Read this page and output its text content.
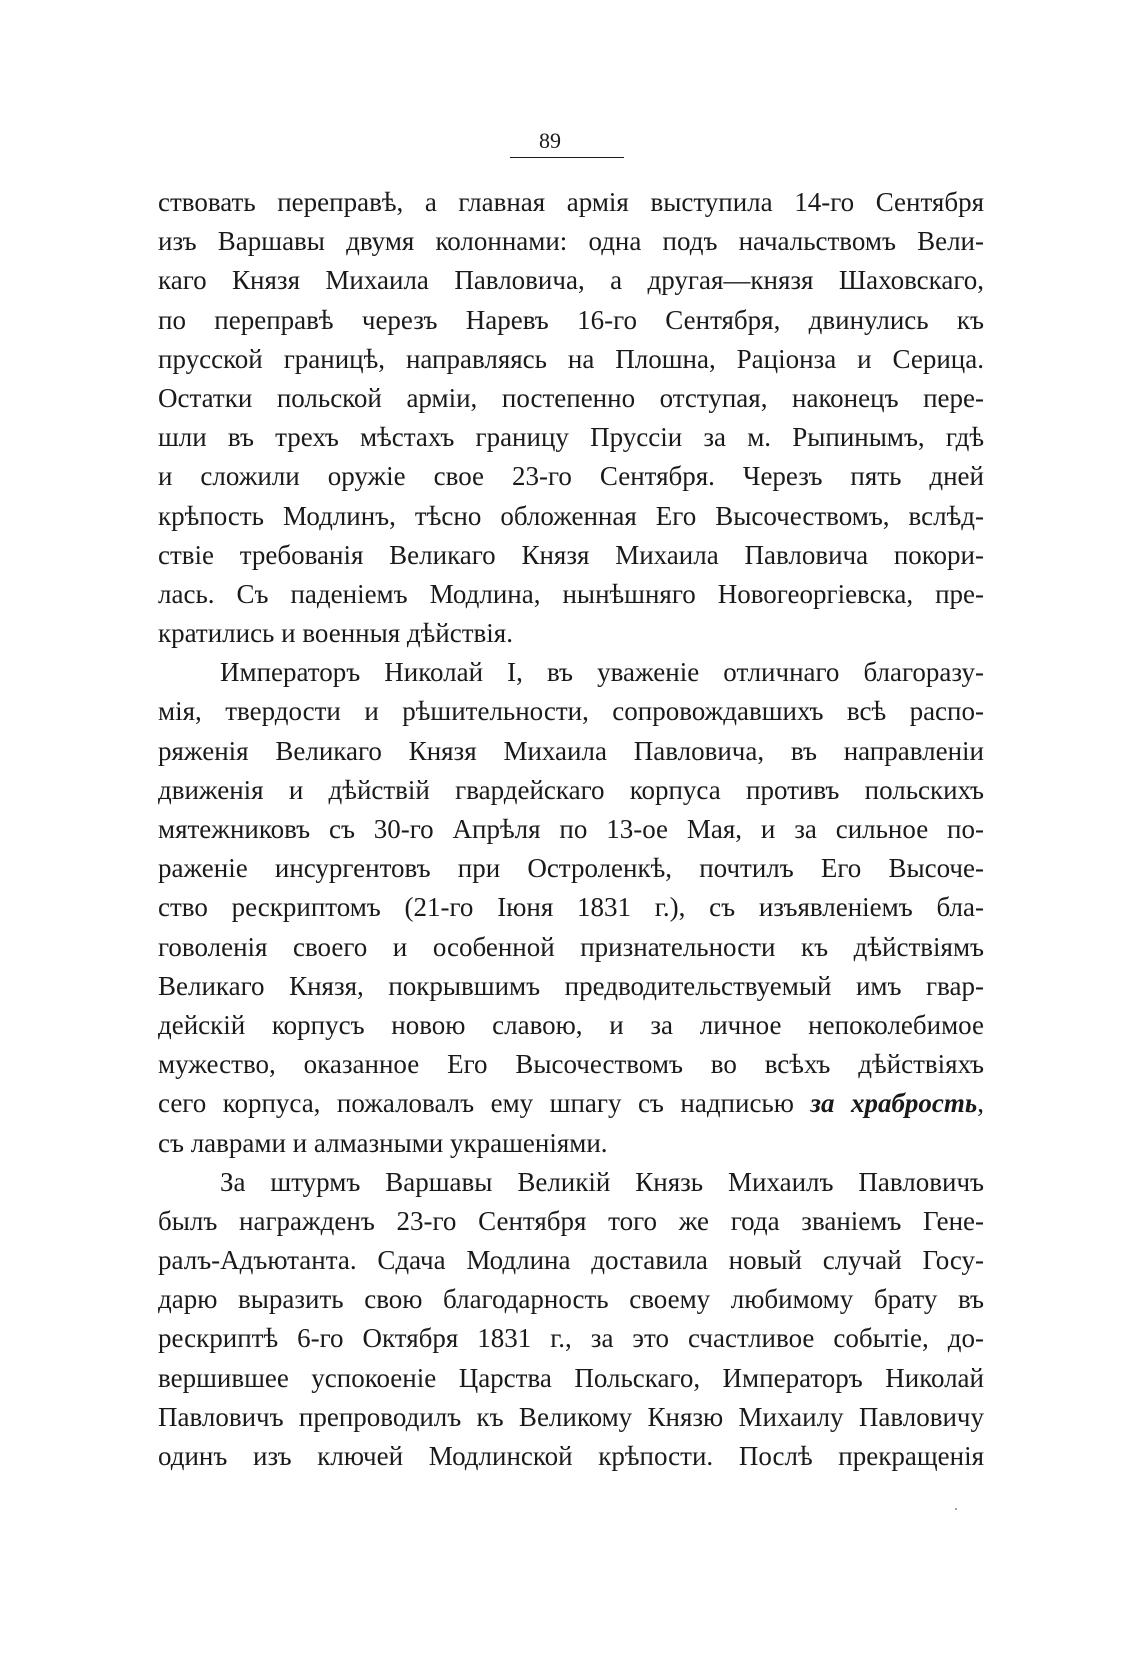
89
ствовать переправѣ, а главная армія выступила 14-го Сентября
изъ Варшавы двумя колоннами: одна подъ начальствомъ Вели-
каго Князя Михаила Павловича, а другая—князя Шаховскаго,
по переправѣ черезъ Наревъ 16-го Сентября, двинулись къ
прусской границѣ, направляясь на Плошна, Раціонза и Серица.
Остатки польской арміи, постепенно отступая, наконецъ пере-
шли въ трехъ мѣстахъ границу Пруссіи за м. Рыпинымъ, гдѣ
и сложили оружіе свое 23-го Сентября. Черезъ пять дней
крѣпость Модлинъ, тѣсно обложенная Его Высочествомъ, вслѣд-
ствіе требованія Великаго Князя Михаила Павловича покори-
лась. Съ паденіемъ Модлина, нынѣшняго Новогеоргіевска, пре-
кратились и военныя дѣйствія.
Императоръ Николай I, въ уваженіе отличнаго благоразу-
мія, твердости и рѣшительности, сопровождавшихъ всѣ распо-
ряженія Великаго Князя Михаила Павловича, въ направленіи
движенія и дѣйствій гвардейскаго корпуса противъ польскихъ
мятежниковъ съ 30-го Апрѣля по 13-ое Мая, и за сильное по-
раженіе инсургентовъ при Остроленкѣ, почтилъ Его Высоче-
ство рескриптомъ (21-го Іюня 1831 г.), съ изъявленіемъ бла-
говоленія своего и особенной признательности къ дѣйствіямъ
Великаго Князя, покрывшимъ предводительствуемый имъ гвар-
дейскій корпусъ новою славою, и за личное непоколебимое
мужество, оказанное Его Высочествомъ во всѣхъ дѣйствіяхъ
сего корпуса, пожаловалъ ему шпагу съ надписью за храбрость,
съ лаврами и алмазными украшеніями.
За штурмъ Варшавы Великій Князь Михаилъ Павловичъ
былъ награжденъ 23-го Сентября того же года званіемъ Гене-
ралъ-Адъютанта. Сдача Модлина доставила новый случай Госу-
дарю выразить свою благодарность своему любимому брату въ
рескриптѣ 6-го Октября 1831 г., за это счастливое событіе, до-
вершившее успокоеніе Царства Польскаго, Императоръ Николай
Павловичъ препроводилъ къ Великому Князю Михаилу Павловичу
одинъ изъ ключей Модлинской крѣпости. Послѣ прекращенія
